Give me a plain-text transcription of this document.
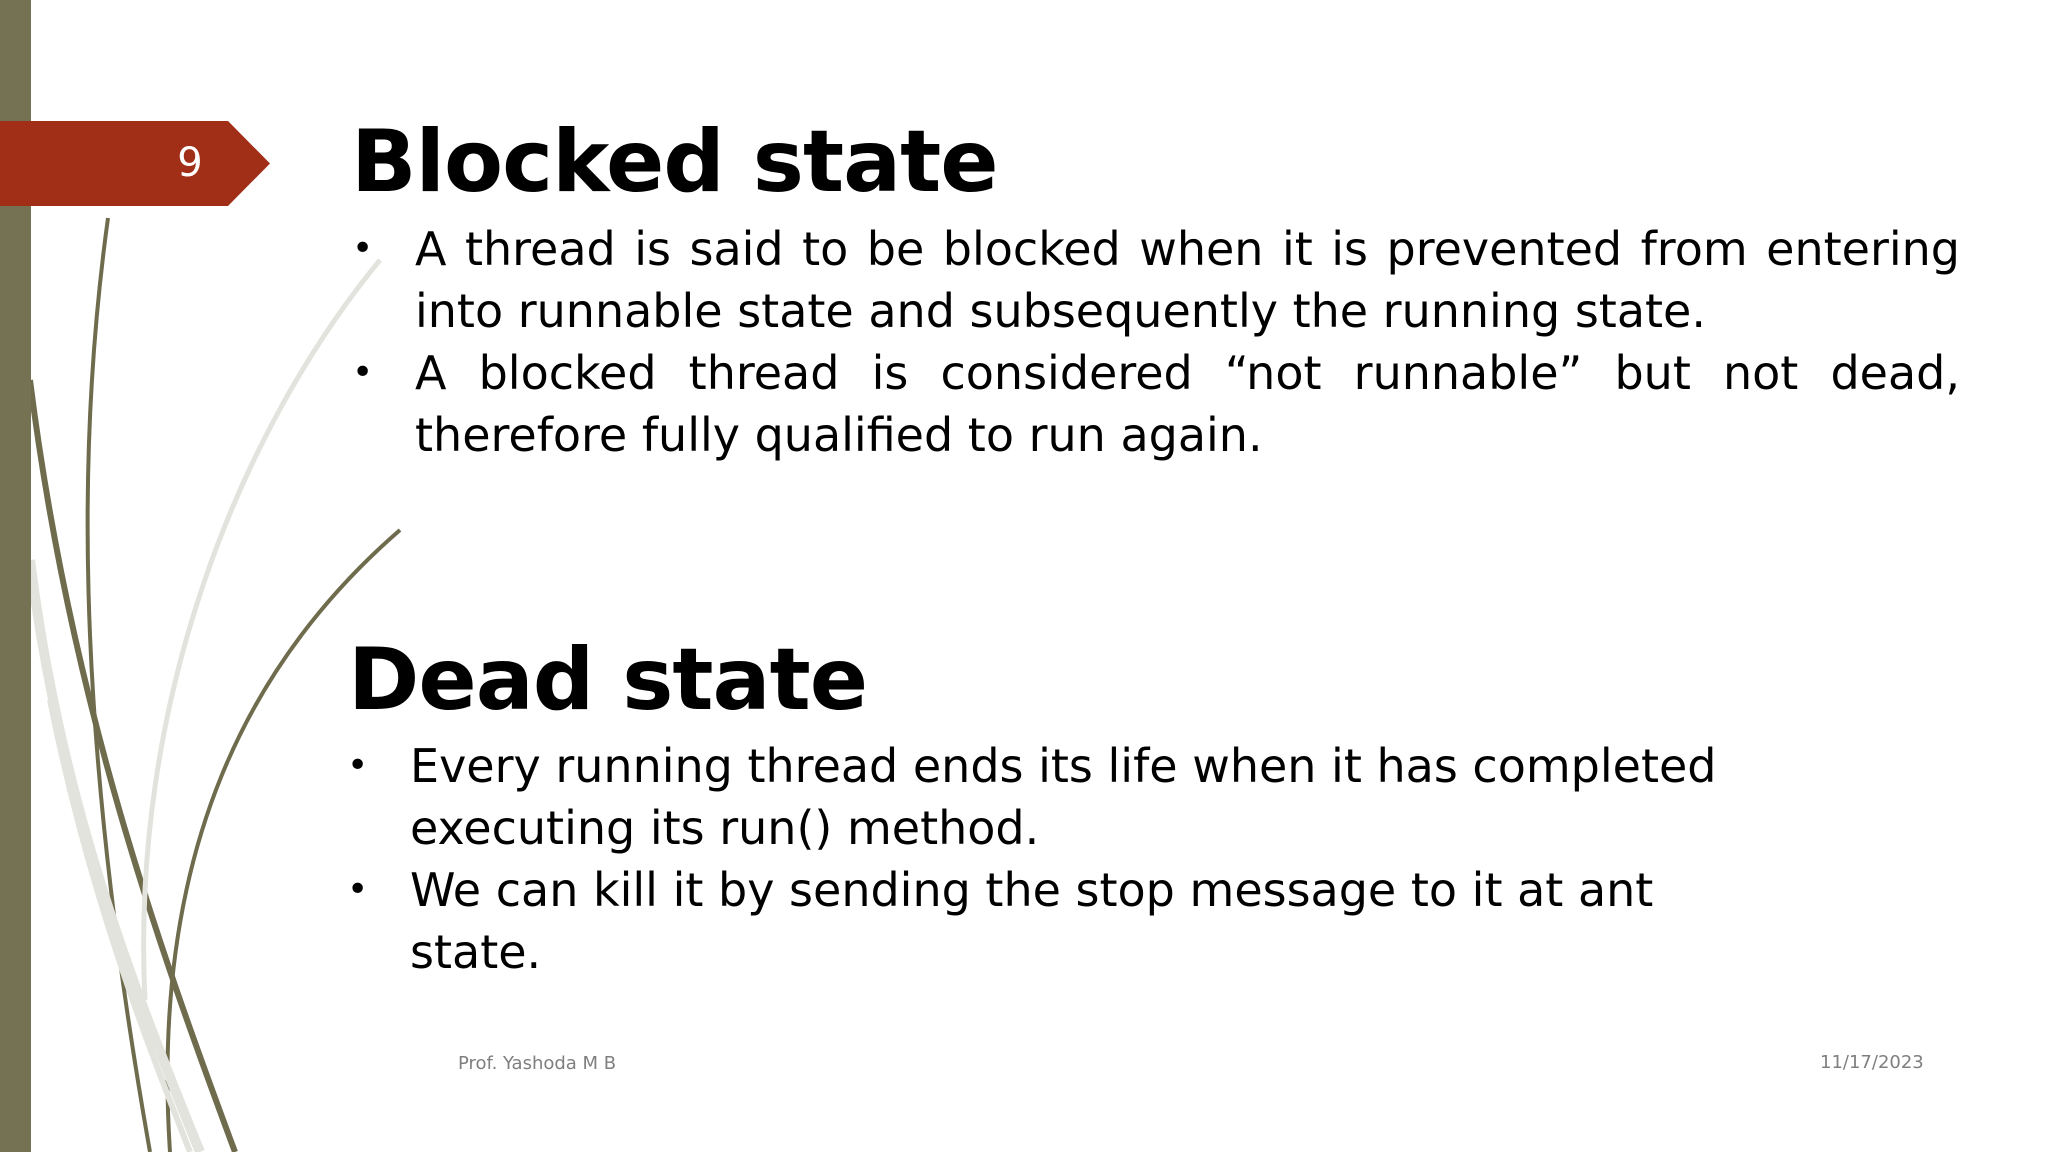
9 Blocked state
• A thread is said to be blocked when it is prevented from entering into runnable state and subsequently the running state.
• A blocked thread is considered “not runnable” but not dead, therefore fully qualified to run again.
Dead state
• Every running thread ends its life when it has completed executing its run() method.
• We can kill it by sending the stop message to it at ant state.
Prof. Yashoda M B	11/17/2023
